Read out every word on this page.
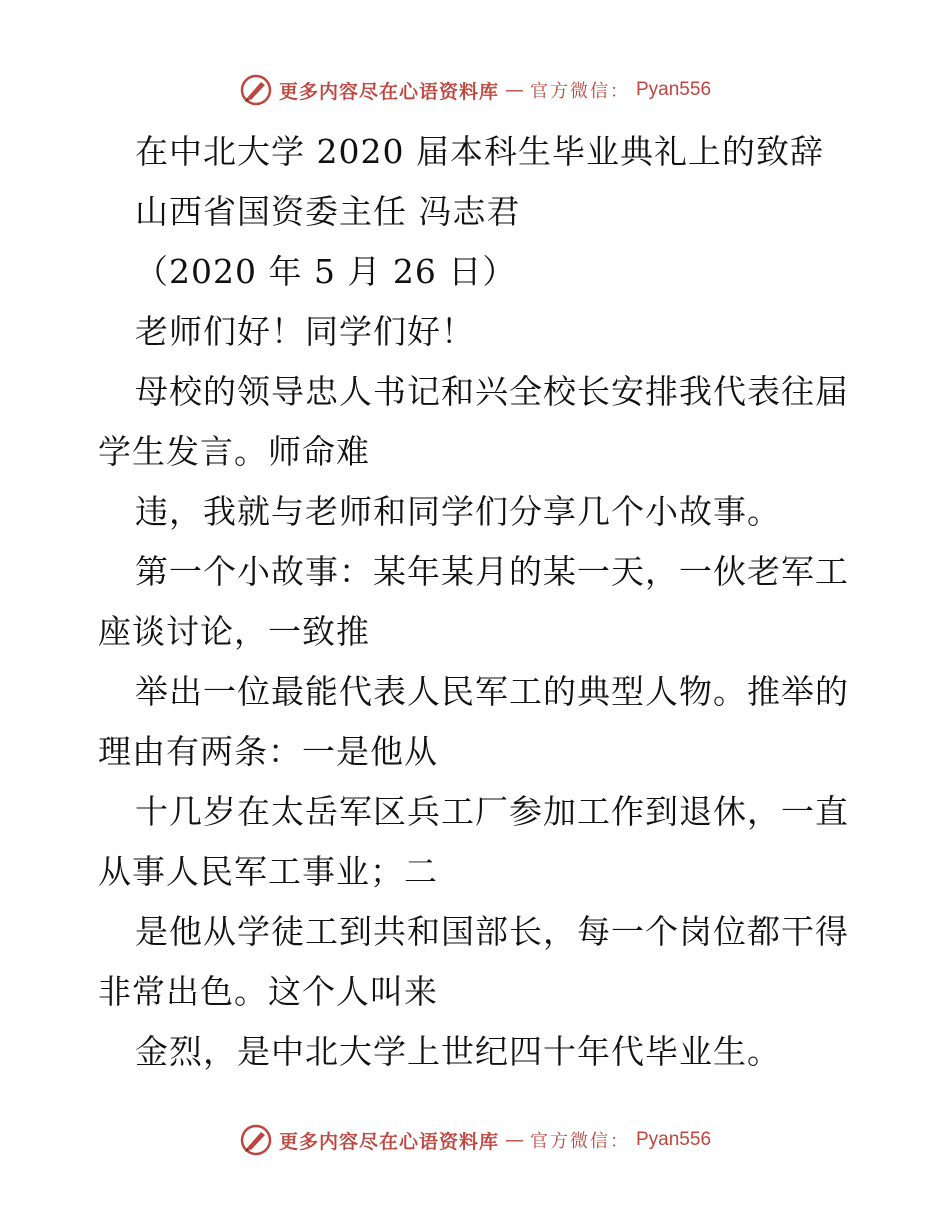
更多内容尽在心语资料库 — 官方微信： Pyan556
在中北大学 2020 届本科生毕业典礼上的致辞
山西省国资委主任 冯志君
（2020 年 5 月 26 日）
老师们好！同学们好！
母校的领导忠人书记和兴全校长安排我代表往届
学生发言。师命难
违，我就与老师和同学们分享几个小故事。
第一个小故事：某年某月的某一天，一伙老军工
座谈讨论，一致推
举出一位最能代表人民军工的典型人物。推举的
理由有两条：一是他从
十几岁在太岳军区兵工厂参加工作到退休，一直
从事人民军工事业；二
是他从学徒工到共和国部长，每一个岗位都干得
非常出色。这个人叫来
金烈，是中北大学上世纪四十年代毕业生。
更多内容尽在心语资料库 — 官方微信： Pyan556
